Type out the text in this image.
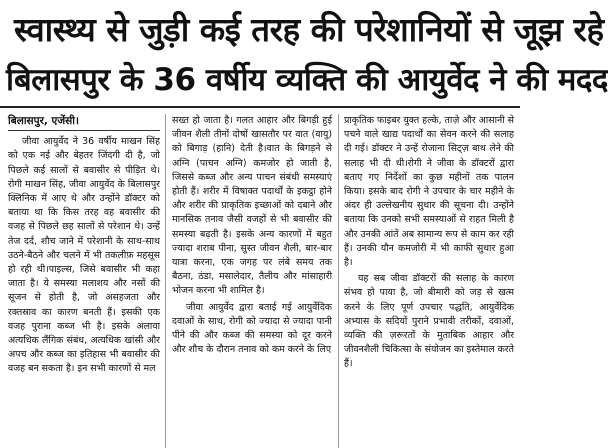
स्वास्थ्य से जुड़ी कई तरह की परेशानियों से जूझ रहे
बिलासपुर के 36 वर्षीय व्यक्ति की आयुर्वेद ने की मदद
बिलासपुर, एजेंसी।

जीवा आयुर्वेद ने 36 वर्षीय माखन सिंह को एक नई और बेहतर जिंदगी दी है, जो पिछले कई सालों से बवासीर से पीड़ित थे। रोगी माखन सिंह, जीवा आयुर्वेद के बिलासपुर क्लिनिक में आए थे और उन्होंने डॉक्टर को बताया था कि किस तरह वह बवासीर की वजह से पिछले छह सालों से परेशान थे। उन्हें तेज दर्द, शौच जाने में परेशानी के साथ-साथ उठने-बैठने और चलने में भी तकलीफ़ महसूस हो रही थी।पाइल्स, जिसे बवासीर भी कहा जाता है। ये समस्या मलाशय और नसों की सूजन से होती है, जो असहजता और रक्तस्राव का कारण बनती हैं। इसकी एक वजह पुराना कब्ज भी है। इसके अलावा अत्यधिक लैंगिक संबंध, अत्यधिक खांसी और अपच और कब्ज का इतिहास भी बवासीर की वजह बन सकता है। इन सभी कारणों से मल

सख्त हो जाता है। गलत आहार और बिगड़ी हुई जीवन शैली तीनों दोषों खासतौर पर वात (वायु) को बिगाड़ (हानि) देती है।वात के बिगड़ने से अग्नि (पाचन अग्नि) कमजोर हो जाती है, जिससे कब्ज और अन्य पाचन संबंधी समस्याएं होती हैं। शरीर में विषाक्त पदार्थों के इकट्ठा होने और शरीर की प्राकृतिक इच्छाओं को दबाने और मानसिक तनाव जैसी वजहों से भी बवासीर की समस्या बढ़ती है। इसके अन्य कारणों में बहुत ज्यादा शराब पीना, सुस्त जीवन शैली, बार-बार यात्रा करना, एक जगह पर लंबे समय तक बैठना, ठंडा, मसालेदार, तैलीय और मांसाहारी भोजन करना भी शामिल है।

जीवा आयुर्वेद द्वारा बताई गई आयुर्वेदिक दवाओं के साथ, रोगी को ज्यादा से ज्यादा पानी पीने की और कब्ज की समस्या को दूर करने और शौच के दौरान तनाव को कम करने के लिए

प्राकृतिक फाइबर युक्त हल्के, ताज़े और आसानी से पचने वाले खाद्य पदार्थों का सेवन करने की सलाह दी गई। डॉक्टर ने उन्हें रोजाना सिट्ज़ बाथ लेने की सलाह भी दी थी।रोगी ने जीवा के डॉक्टरों द्वारा बताए गए निर्देशों का कुछ महीनों तक पालन किया। इसके बाद रोगी ने उपचार के चार महीने के अंदर ही उल्लेखनीय सुधार की सूचना दी। उन्होंने बताया कि उनको सभी समस्याओं से राहत मिली है और उनकी आंतें अब सामान्य रूप से काम कर रही हैं। उनकी यौन कमजोरी में भी काफी सुधार हुआ है।

यह सब जीवा डॉक्टरों की सलाह के कारण संभव हो पाया है, जो बीमारी को जड़ से खत्म करने के लिए पूर्ण उपचार पद्धति, आयुर्वेदिक अभ्यास के सदियों पुराने प्रभावी तरीकों, दवाओं, व्यक्ति की ज़रूरतों के मुताबिक आहार और जीवनशैली चिकित्सा के संयोजन का इस्तेमाल करते हैं।
